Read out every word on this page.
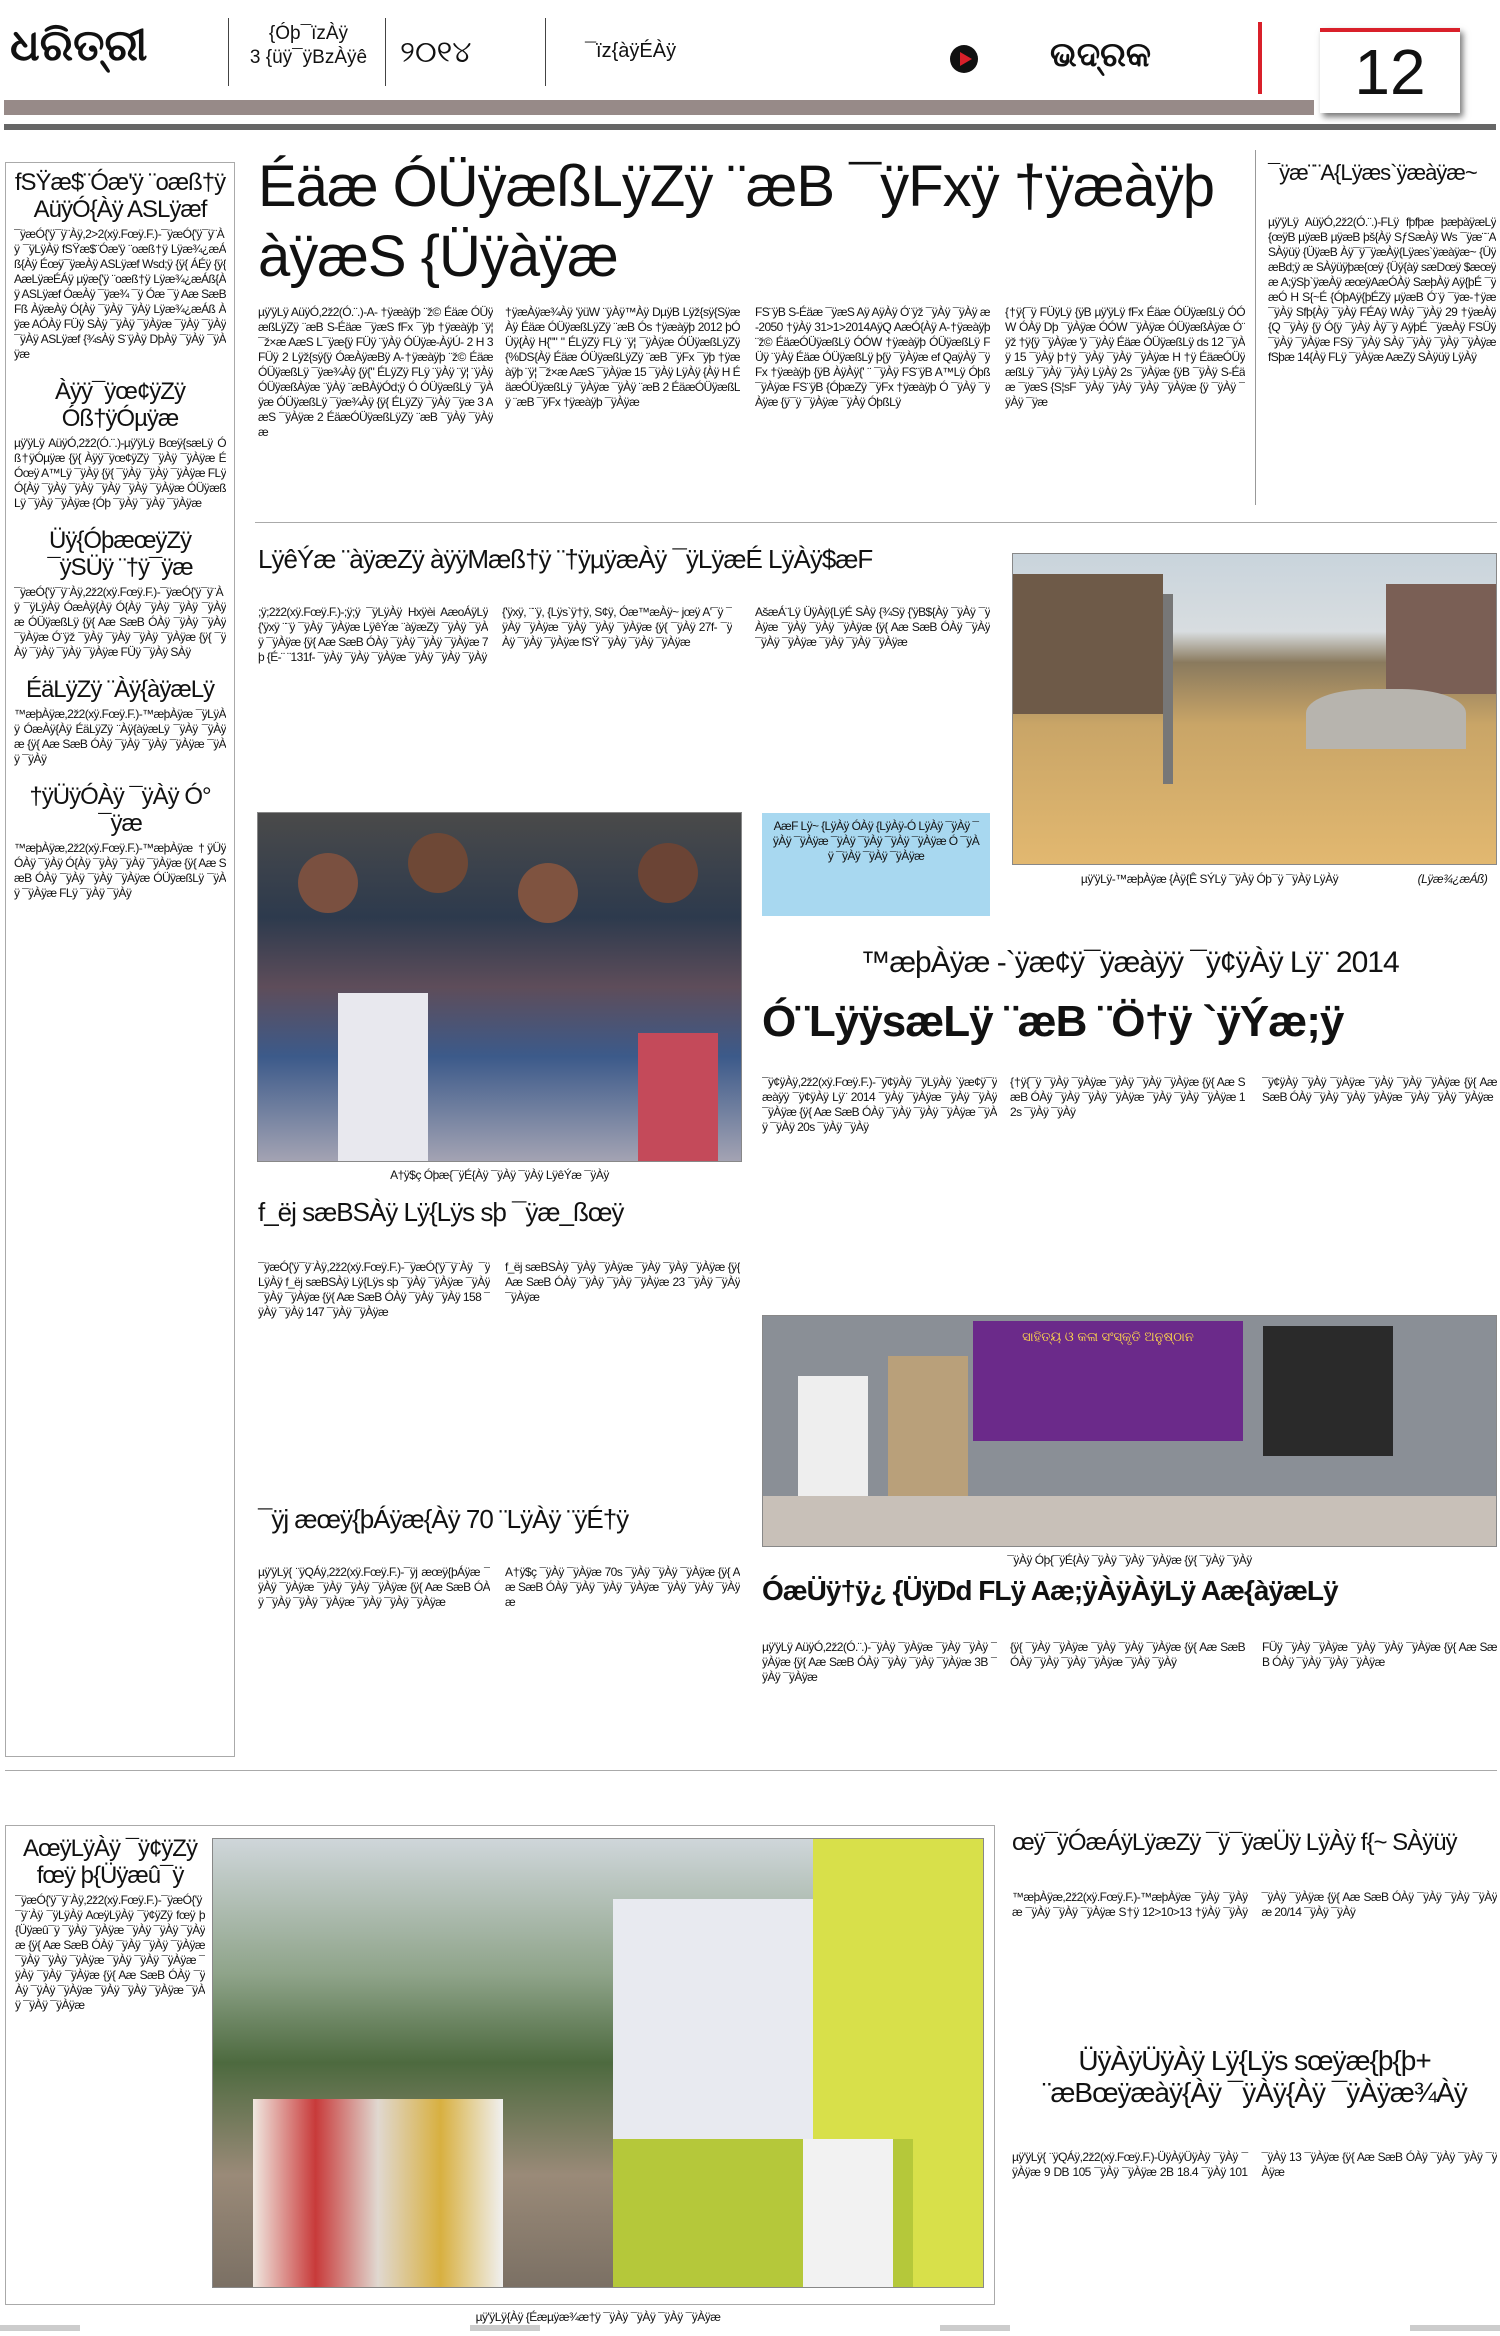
ଧରିତ୍ରୀ	{Óþ¯ïzÀÿ
3 {üÿ¯ÿBzÀÿê	୨୦୧୪	¯ïz{àÿÉÀÿ	ଭଦ୍ରକ	12
fSŸæ$¨Óæ'ÿ ¨oæß†ÿ AüÿÓ{Àÿ ASLÿæf
¯ÿæÓ{'ÿ¯ÿ¨Àÿ,2>2(xÿ.Fœÿ.F.)-¯ÿæÓ{'ÿ¯ÿ¨Àÿ ¯ÿLÿÀÿ fSŸæ$¨Óæ'ÿ ¨oæß†ÿ Lÿæ¾¿æÁß{Àÿ Éœÿ¯ÿæÀÿ ASLÿæf Wsd;ÿ {ÿ{ ÁÉÿ {ÿ{ AæLÿæÉÁÿ µÿæ{'ÿ ¨oæß†ÿ Lÿæ¾¿æÁß{Àÿ ASLÿæf ÓæÀÿ ¯ÿæ¾ ¯ÿ Óæ ¯ÿ Aæ SæB Fß ÀÿæÀÿ Ó{Àÿ ¯ÿÀÿ ¯ÿÀÿ Lÿæ¾¿æÁß Àÿæ AÓÀÿ FÜÿ SÀÿ ¯ÿÀÿ ¯ÿÀÿæ ¯ÿÀÿ ¯ÿÀÿ ¯ÿÀÿ ASLÿæf {¾sÀÿ S¨ÿÀÿ DþÀÿ ¯ÿÀÿ ¯ÿÀÿæ
Àÿÿ¯ÿœ¢ÿZÿ Óß†ÿÓµÿæ
µÿ'ÿLÿ AüÿÓ,2ž2(Ó.¨.)-µÿ'ÿLÿ Bœÿ{sæLÿ Óß†ÿÓµÿæ {ÿ{ Àÿÿ¯ÿœ¢ÿZÿ ¯ÿÀÿ ¯ÿÀÿæ ÉÓœÿ A™Lÿ ¯ÿÀÿ {ÿ{ ¯ÿÀÿ ¯ÿÀÿ ¯ÿÀÿæ FLÿ Ó{Àÿ ¯ÿÀÿ ¯ÿÀÿ ¯ÿÀÿ ¯ÿÀÿ ¯ÿÀÿæ ÓÜÿæßLÿ ¯ÿÀÿ ¯ÿÀÿæ {Óþ ¯ÿÀÿ ¯ÿÀÿ ¯ÿÀÿæ
Üÿ{ÓþæœÿZÿ ¯ÿSÜÿ ¨†ÿ¯ÿæ
¯ÿæÓ{'ÿ¯ÿ¨Àÿ,2ž2(xÿ.Fœÿ.F.)-¯ÿæÓ{'ÿ¯ÿ¨Àÿ ¯ÿLÿÀÿ ÓæÀÿ{Àÿ Ó{Àÿ ¯ÿÀÿ ¯ÿÀÿ ¯ÿÀÿæ ÓÜÿæßLÿ {ÿ{ Aæ SæB ÓÀÿ ¯ÿÀÿ ¯ÿÀÿ ¯ÿÀÿæ Ó¨ÿž ¯ÿÀÿ ¯ÿÀÿ ¯ÿÀÿ ¯ÿÀÿæ {ÿ{ ¯ÿÀÿ ¯ÿÀÿ ¯ÿÀÿ ¯ÿÀÿæ FÜÿ ¯ÿÀÿ SÀÿ
ÉäLÿZÿ ¨Àÿ{àÿæLÿ
™æþÀÿæ,2ž2(xÿ.Fœÿ.F.)-™æþÀÿæ ¯ÿLÿÀÿ ÓæÀÿ{Àÿ ÉäLÿZÿ ¨Àÿ{àÿæLÿ ¯ÿÀÿ ¯ÿÀÿæ {ÿ{ Aæ SæB ÓÀÿ ¯ÿÀÿ ¯ÿÀÿ ¯ÿÀÿæ ¯ÿÀÿ ¯ÿÀÿ
†ÿÜÿÓÀÿ ¯ÿÀÿ Ó° ¯ÿæ
™æþÀÿæ,2ž2(xÿ.Fœÿ.F.)-™æþÀÿæ †ÿÜÿÓÀÿ ¯ÿÀÿ Ó{Àÿ ¯ÿÀÿ ¯ÿÀÿ ¯ÿÀÿæ {ÿ{ Aæ SæB ÓÀÿ ¯ÿÀÿ ¯ÿÀÿ ¯ÿÀÿæ ÓÜÿæßLÿ ¯ÿÀÿ ¯ÿÀÿæ FLÿ ¯ÿÀÿ ¯ÿÀÿ
Éäæ ÓÜÿæßLÿZÿ ¨æB ¯ÿFxÿ †ÿæàÿþ àÿæS {Üÿàÿæ
µÿ'ÿLÿ AüÿÓ,2ž2(Ó.¨.)-A- †ÿæàÿþ ¨ž© Éäæ ÓÜÿæßLÿZÿ ¨æB S-Éäæ ¯ÿæS fFx ¯ÿþ †ÿæàÿþ ¨ÿ¦ ¯ž×æ AæS L¯ÿæ{ÿ FÜÿ ¨ÿÀÿ ÓÜÿæ-ÀÿÚ- 2 H 3 FÜÿ 2 Lÿž{sÿ{ÿ ÓæÀÿæBÿ A-†ÿæàÿþ ¨ž© Éäæ ÓÜÿæßLÿ ¯ÿæ¾Àÿ {ÿ{" ÉLÿZÿ FLÿ ¨ÿÀÿ ¨ÿ¦ ¨ÿÀÿ ÓÜÿæßÀÿæ ¨ÿÀÿ ¨æBÀÿÓd;ÿ Ó ÓÜÿæßLÿ ¯ÿÀÿæ ÓÜÿæßLÿ ¯ÿæ¾Àÿ {ÿ{ ÉLÿZÿ ¯ÿÀÿ ¯ÿæ 3 AæS ¯ÿÀÿæ 2 ÉäæÓÜÿæßLÿZÿ ¨æB ¯ÿÀÿ ¯ÿÀÿæ
†ÿæÀÿæ¾Àÿ 'ÿüW ¨ÿÀÿ™Àÿ DµÿB Lÿž{sÿ{SÿæÀÿ Éäæ ÓÜÿæßLÿZÿ ¨æB Ós †ÿæàÿþ 2012 þÓÜÿ{Àÿ H{"" " ÉLÿZÿ FLÿ ¨ÿ¦ ¯ÿÀÿæ ÓÜÿæßLÿZÿ {%DS{Àÿ Éäæ ÓÜÿæßLÿZÿ ¨æB ¯ÿFx ¯ÿþ †ÿæàÿþ ¨ÿ¦ ¯ž×æ AæS ¯ÿÀÿæ 15 ¯ÿÀÿ LÿÀÿ {Àÿ H ÉäæÓÜÿæßLÿ ¯ÿÀÿæ ¯ÿÀÿ ¨æB 2 ÉäæÓÜÿæßLÿ ¨æB ¯ÿFx †ÿæàÿþ ¯ÿÀÿæ
FS¨ÿB S-Éäæ ¯ÿæS Aÿ AÿÀÿ Ó¨ÿž ¯ÿÀÿ ¯ÿÀÿ æ-2050 †ÿÀÿ 31>1>2014AÿQ AæÓ{Àÿ A-†ÿæàÿþ ¨ž© ÉäæÓÜÿæßLÿ ÓÓW †ÿæàÿþ ÓÜÿæßLÿ FÜÿ ¨ÿÀÿ Éäæ ÓÜÿæßLÿ þ{ÿ ¯ÿÀÿæ ef QaÿÀÿ ¯ÿFx †ÿæàÿþ {ÿB ÀÿÀÿ{' ¨ ¯ÿÀÿ FS¨ÿB A™Lÿ Óþß ¯ÿÀÿæ FS¨ÿB {ÓþæZÿ ¯ÿFx †ÿæàÿþ Ó ¯ÿÀÿ ¯ÿÀÿæ {ÿ¯ÿ ¯ÿÀÿæ ¯ÿÀÿ ÓþßLÿ
{†ÿ{¯ÿ FÜÿLÿ {ÿB µÿ'ÿLÿ fFx Éäæ ÓÜÿæßLÿ ÓÓW ÓÀÿ Dþ ¯ÿÀÿæ ÓÓW ¯ÿÀÿæ ÓÜÿæßÀÿæ Ó¨ÿž †ÿ{ÿ ¯ÿÀÿæ 'ÿ ¯ÿÀÿ Éäæ ÓÜÿæßLÿ ds 12 ¯ÿÀÿ 15 ¯ÿÀÿ þ†ÿ ¯ÿÀÿ ¯ÿÀÿ ¯ÿÀÿæ H †ÿ ÉäæÓÜÿæßLÿ ¯ÿÀÿ ¯ÿÀÿ LÿÀÿ 2s ¯ÿÀÿæ {ÿB ¯ÿÀÿ S-Éäæ ¯ÿæS {S¦sF ¯ÿÀÿ ¯ÿÀÿ ¯ÿÀÿ ¯ÿÀÿæ {ÿ ¯ÿÀÿ ¯ÿÀÿ ¯ÿæ
¯ÿæ¨¨A{Lÿæs`ÿæàÿæ~
µÿ'ÿLÿ AüÿÓ,2ž2(Ó.¨.)-FLÿ fþfþæ þæþàÿæLÿ {œÿB µÿæB µÿæB þš{Àÿ SƒSæÀÿ Ws ¯ÿæ¨¨A SÀÿüÿ {ÜÿæB Àÿ¯ÿ¯ÿæÀÿ{Lÿæs`ÿæàÿæ~ {ÜÿæBd;ÿ æ SÀÿüÿþæ{œÿ {Üÿ{àÿ sæDœÿ $æœÿæ A;ÿSþ`ÿæÀÿ æœÿAæÓÀÿ SæþÀÿ Aÿ{þÉ ¯ÿæÓ H S{~É {ÓþAÿ{þÉZÿ µÿæB Ó¨ÿ ¯ÿæ-†ÿæ ¯ÿÀÿ Sfþ{Àÿ ¯ÿÀÿ FÉAÿ WÀÿ ¯ÿÀÿ 29 †ÿæÀÿ{Q ¯ÿÀÿ {ÿ Ó{ÿ ¯ÿÀÿ Àÿ¯ÿ AÿþÉ ¯ÿæÀÿ FSÜÿ ¯ÿÀÿ ¯ÿÀÿæ FSÿ ¯ÿÀÿ SÀÿ ¯ÿÀÿ ¯ÿÀÿ ¯ÿÀÿæ fSþæ 14{Àÿ FLÿ ¯ÿÀÿæ AæZÿ SÀÿüÿ LÿÀÿ
LÿêÝæ ¨àÿæZÿ àÿÿMæß†ÿ ¨†ÿµÿæÀÿ ¯ÿLÿæÉ LÿÀÿ$æF
;ÿ;2ž2(xÿ.Fœÿ.F.)-;ÿ;ÿ ¯ÿLÿÀÿ Hxÿèi AæoÁÿLÿ {'ÿxÿ ¨¨ÿ ¯ÿÀÿ ¯ÿÀÿæ LÿêÝæ ¨àÿæZÿ ¯ÿÀÿ ¯ÿÀÿ ¯ÿÀÿæ {ÿ{ Aæ SæB ÓÀÿ ¯ÿÀÿ ¯ÿÀÿ ¯ÿÀÿæ 7þ {É-¨ ¨131f- ¯ÿÀÿ ¯ÿÀÿ ¯ÿÀÿæ ¯ÿÀÿ ¯ÿÀÿ ¯ÿÀÿ
{'ÿxÿ, ¨¨ÿ, {Lÿs`ÿ†ÿ, S¢ÿ, Óæ™æÀÿ~ jœÿ A'¯ÿ ¯ÿÀÿ ¯ÿÀÿæ ¯ÿÀÿ ¯ÿÀÿ ¯ÿÀÿæ {ÿ{ ¯ÿÀÿ 27f- ¯ÿÀÿ ¯ÿÀÿ ¯ÿÀÿæ fSŸ ¯ÿÀÿ ¯ÿÀÿ ¯ÿÀÿæ
AšæÁ¨Lÿ ÜÿÀÿ{LÿÉ SÀÿ {¾Sÿ {'ÿB${Àÿ ¯ÿÀÿ ¯ÿÀÿæ ¯ÿÀÿ ¯ÿÀÿ ¯ÿÀÿæ {ÿ{ Aæ SæB ÓÀÿ ¯ÿÀÿ ¯ÿÀÿ ¯ÿÀÿæ ¯ÿÀÿ ¯ÿÀÿ ¯ÿÀÿæ
µÿ'ÿLÿ-™æþÀÿæ {Àÿ{Ê SÝLÿ ¯ÿÀÿ Óþ¯ÿ ¯ÿÀÿ LÿÀÿ	(Lÿæ¾¿æÁß)
A†ÿ$ç Óþæ{¯ÿÉ{Àÿ ¯ÿÀÿ ¯ÿÀÿ LÿêÝæ ¯ÿÀÿ
AæF Lÿ~ {LÿÀÿ ÓÀÿ {LÿÀÿ-Ó LÿÀÿ ¯ÿÀÿ ¯ÿÀÿ ¯ÿÀÿæ ¯ÿÀÿ ¯ÿÀÿ ¯ÿÀÿ ¯ÿÀÿæ Ó ¯ÿÀÿ ¯ÿÀÿ ¯ÿÀÿ ¯ÿÀÿæ
™æþÀÿæ -`ÿæ¢ÿ¯ÿæàÿÿ ¯ÿ¢ÿÀÿ Lÿ¨ 2014
Ó¨LÿÿsæLÿ ¨æB ¨Ö†ÿ `ÿÝæ;ÿ
¯ÿ¢ÿÀÿ,2ž2(xÿ.Fœÿ.F.)-¯ÿ¢ÿÀÿ ¯ÿLÿÀÿ `ÿæ¢ÿ¯ÿæàÿÿ ¯ÿ¢ÿÀÿ Lÿ¨ 2014 ¯ÿÀÿ ¯ÿÀÿæ ¯ÿÀÿ ¯ÿÀÿ ¯ÿÀÿæ {ÿ{ Aæ SæB ÓÀÿ ¯ÿÀÿ ¯ÿÀÿ ¯ÿÀÿæ ¯ÿÀÿ ¯ÿÀÿ 20s ¯ÿÀÿ ¯ÿÀÿ
{†ÿ{¯ÿ ¯ÿÀÿ ¯ÿÀÿæ ¯ÿÀÿ ¯ÿÀÿ ¯ÿÀÿæ {ÿ{ Aæ SæB ÓÀÿ ¯ÿÀÿ ¯ÿÀÿ ¯ÿÀÿæ ¯ÿÀÿ ¯ÿÀÿ ¯ÿÀÿæ 12s ¯ÿÀÿ ¯ÿÀÿ
¯ÿ¢ÿÀÿ ¯ÿÀÿ ¯ÿÀÿæ ¯ÿÀÿ ¯ÿÀÿ ¯ÿÀÿæ {ÿ{ Aæ SæB ÓÀÿ ¯ÿÀÿ ¯ÿÀÿ ¯ÿÀÿæ ¯ÿÀÿ ¯ÿÀÿ ¯ÿÀÿæ
ସାହିତ୍ୟ ଓ କଳା ସଂସ୍କୃତି ଅନୁଷ୍ଠାନ
¯ÿÀÿ Óþ{¯ÿÉ{Àÿ ¯ÿÀÿ ¯ÿÀÿ ¯ÿÀÿæ {ÿ{ ¯ÿÀÿ ¯ÿÀÿ
f_ëj sæBSÀÿ Lÿ{Lÿs sþ ¯ÿæ_ßœÿ
¯ÿæÓ{'ÿ¯ÿ¨Àÿ,2ž2(xÿ.Fœÿ.F.)-¯ÿæÓ{'ÿ¯ÿ¨Àÿ ¯ÿLÿÀÿ f_ëj sæBSÀÿ Lÿ{Lÿs sþ ¯ÿÀÿ ¯ÿÀÿæ ¯ÿÀÿ ¯ÿÀÿ ¯ÿÀÿæ {ÿ{ Aæ SæB ÓÀÿ ¯ÿÀÿ ¯ÿÀÿ 158 ¯ÿÀÿ ¯ÿÀÿ 147 ¯ÿÀÿ ¯ÿÀÿæ
f_ëj sæBSÀÿ ¯ÿÀÿ ¯ÿÀÿæ ¯ÿÀÿ ¯ÿÀÿ ¯ÿÀÿæ {ÿ{ Aæ SæB ÓÀÿ ¯ÿÀÿ ¯ÿÀÿ ¯ÿÀÿæ 23 ¯ÿÀÿ ¯ÿÀÿ ¯ÿÀÿæ
¯ÿj æœÿ{þÁÿæ{Àÿ 70 ¨LÿÀÿ ¨ÿÉ†ÿ
µÿ'ÿLÿ{ ¨ÿQÁÿ,2ž2(xÿ.Fœÿ.F.)-¯ÿj æœÿ{þÁÿæ ¯ÿÀÿ ¯ÿÀÿæ ¯ÿÀÿ ¯ÿÀÿ ¯ÿÀÿæ {ÿ{ Aæ SæB ÓÀÿ ¯ÿÀÿ ¯ÿÀÿ ¯ÿÀÿæ ¯ÿÀÿ ¯ÿÀÿ ¯ÿÀÿæ
A†ÿ$ç ¯ÿÀÿ ¯ÿÀÿæ 70s ¯ÿÀÿ ¯ÿÀÿ ¯ÿÀÿæ {ÿ{ Aæ SæB ÓÀÿ ¯ÿÀÿ ¯ÿÀÿ ¯ÿÀÿæ ¯ÿÀÿ ¯ÿÀÿ ¯ÿÀÿæ	ÓæÜÿ†ÿ¿ {ÜÿDd FLÿ Aæ;ÿÀÿÀÿLÿ Aæ{àÿæLÿ
µÿ'ÿLÿ AüÿÓ,2ž2(Ó.¨.)-¯ÿÀÿ ¯ÿÀÿæ ¯ÿÀÿ ¯ÿÀÿ ¯ÿÀÿæ {ÿ{ Aæ SæB ÓÀÿ ¯ÿÀÿ ¯ÿÀÿ ¯ÿÀÿæ 3B ¯ÿÀÿ ¯ÿÀÿæ
{ÿ{ ¯ÿÀÿ ¯ÿÀÿæ ¯ÿÀÿ ¯ÿÀÿ ¯ÿÀÿæ {ÿ{ Aæ SæB ÓÀÿ ¯ÿÀÿ ¯ÿÀÿ ¯ÿÀÿæ ¯ÿÀÿ ¯ÿÀÿ
FÜÿ ¯ÿÀÿ ¯ÿÀÿæ ¯ÿÀÿ ¯ÿÀÿ ¯ÿÀÿæ {ÿ{ Aæ SæB ÓÀÿ ¯ÿÀÿ ¯ÿÀÿ ¯ÿÀÿæ
AœÿLÿÀÿ ¯ÿ¢ÿZÿ fœÿ þ{Üÿæû¯ÿ
¯ÿæÓ{'ÿ¯ÿ¨Àÿ,2ž2(xÿ.Fœÿ.F.)-¯ÿæÓ{'ÿ¯ÿ¨Àÿ ¯ÿLÿÀÿ AœÿLÿÀÿ ¯ÿ¢ÿZÿ fœÿ þ{Üÿæû¯ÿ ¯ÿÀÿ ¯ÿÀÿæ ¯ÿÀÿ ¯ÿÀÿ ¯ÿÀÿæ {ÿ{ Aæ SæB ÓÀÿ ¯ÿÀÿ ¯ÿÀÿ ¯ÿÀÿæ ¯ÿÀÿ ¯ÿÀÿ ¯ÿÀÿæ ¯ÿÀÿ ¯ÿÀÿ ¯ÿÀÿæ ¯ÿÀÿ ¯ÿÀÿ ¯ÿÀÿæ {ÿ{ Aæ SæB ÓÀÿ ¯ÿÀÿ ¯ÿÀÿ ¯ÿÀÿæ ¯ÿÀÿ ¯ÿÀÿ ¯ÿÀÿæ ¯ÿÀÿ ¯ÿÀÿ ¯ÿÀÿæ
µÿ'ÿLÿ{Àÿ {Éæµÿæ¾æ†ÿ ¯ÿÀÿ ¯ÿÀÿ ¯ÿÀÿ ¯ÿÀÿæ
œÿ¯ÿÓæÁÿLÿæZÿ ¯ÿ¯ÿæÜÿ LÿÀÿ f{~ SÀÿüÿ
™æþÀÿæ,2ž2(xÿ.Fœÿ.F.)-™æþÀÿæ ¯ÿÀÿ ¯ÿÀÿæ ¯ÿÀÿ ¯ÿÀÿ ¯ÿÀÿæ S†ÿ 12>10>13 †ÿÀÿ ¯ÿÀÿ ¯ÿÀÿ ¯ÿÀÿæ {ÿ{ Aæ SæB ÓÀÿ ¯ÿÀÿ ¯ÿÀÿ ¯ÿÀÿæ 20/14 ¯ÿÀÿ ¯ÿÀÿ
ÜÿÀÿÜÿÀÿ Lÿ{Lÿs sœÿæ{þ{þ+ ¨æBœÿæàÿ{Àÿ ¯ÿÀÿ{Àÿ ¯ÿÀÿæ¾Àÿ
µÿ'ÿLÿ{ ¨ÿQÁÿ,2ž2(xÿ.Fœÿ.F.)-ÜÿÀÿÜÿÀÿ ¯ÿÀÿ ¯ÿÀÿæ 9 DB 105 ¯ÿÀÿ ¯ÿÀÿæ 2B 18.4 ¯ÿÀÿ 101 ¯ÿÀÿ 13 ¯ÿÀÿæ {ÿ{ Aæ SæB ÓÀÿ ¯ÿÀÿ ¯ÿÀÿ ¯ÿÀÿæ
